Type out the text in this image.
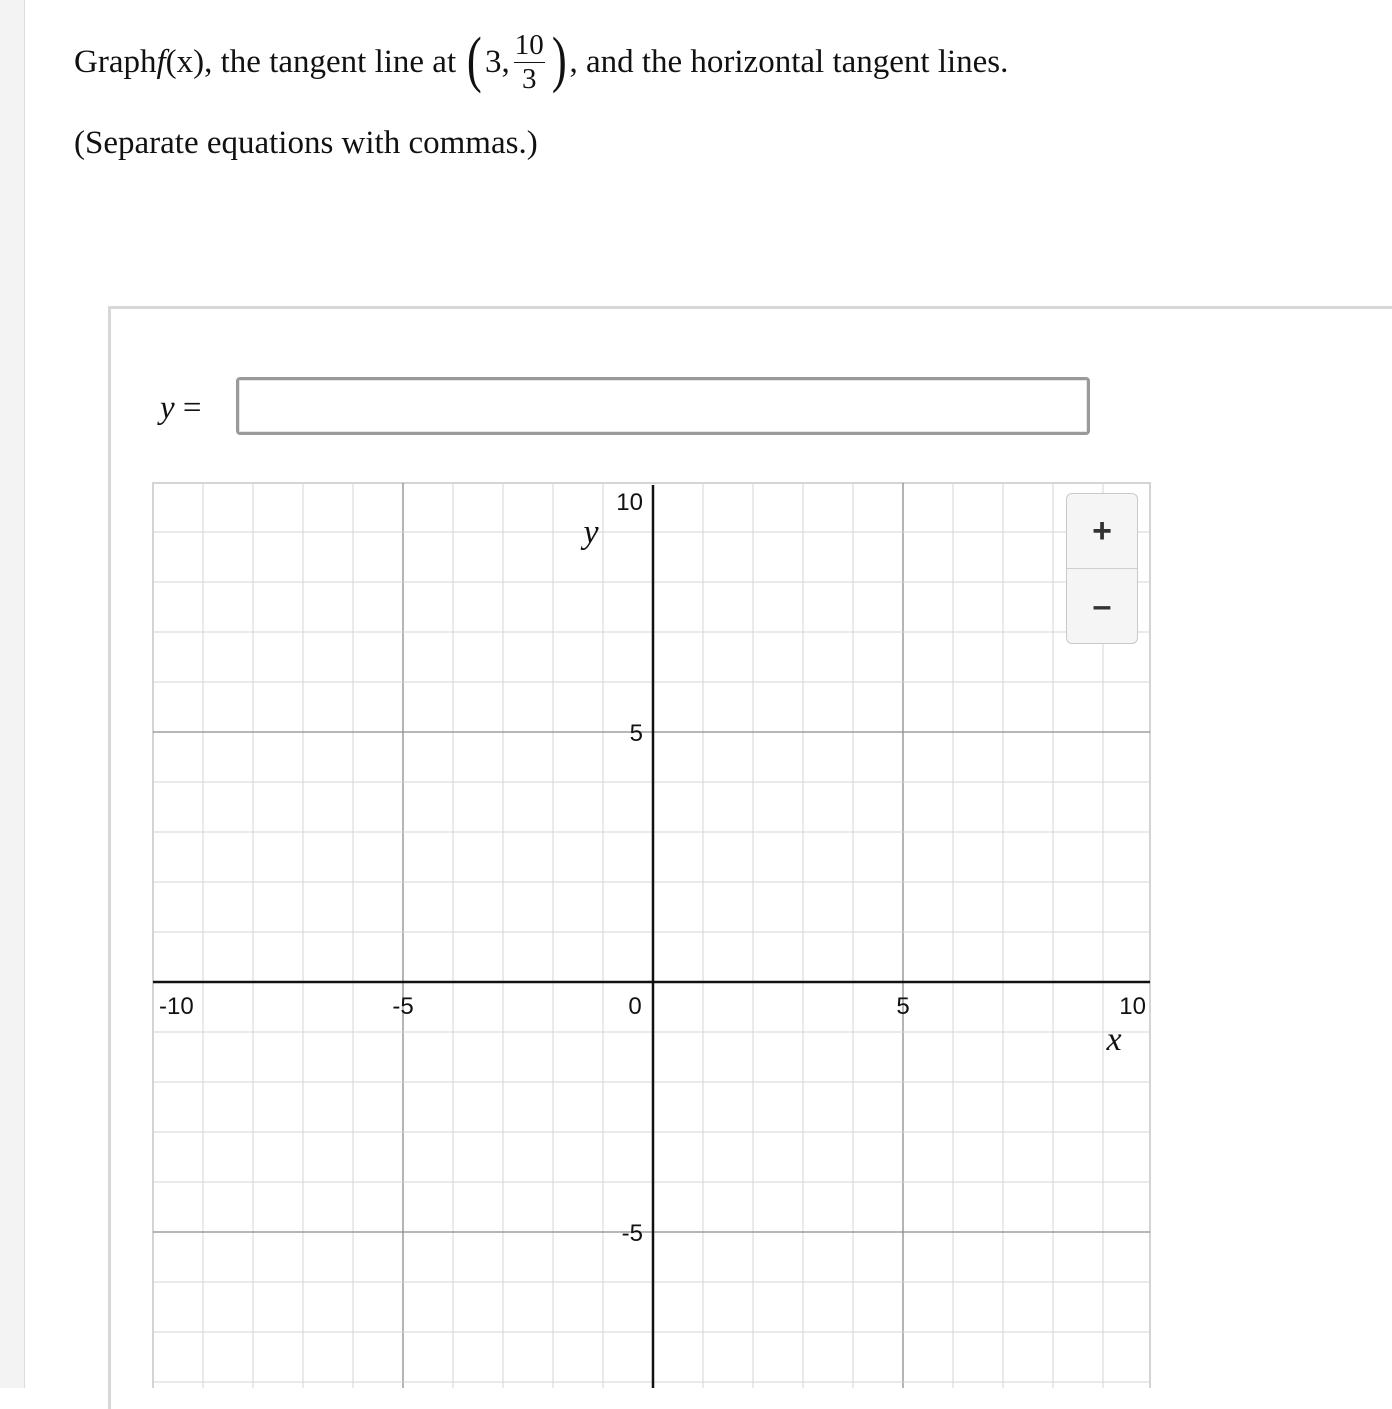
Graph f (x) , the tangent line at ( 3, $\frac{10}{3}$ ) , and the horizontal tangent lines.
(Separate equations with commas.)
y =
-10	-5	0	5	10
10
5
-5
y
x
+
–
